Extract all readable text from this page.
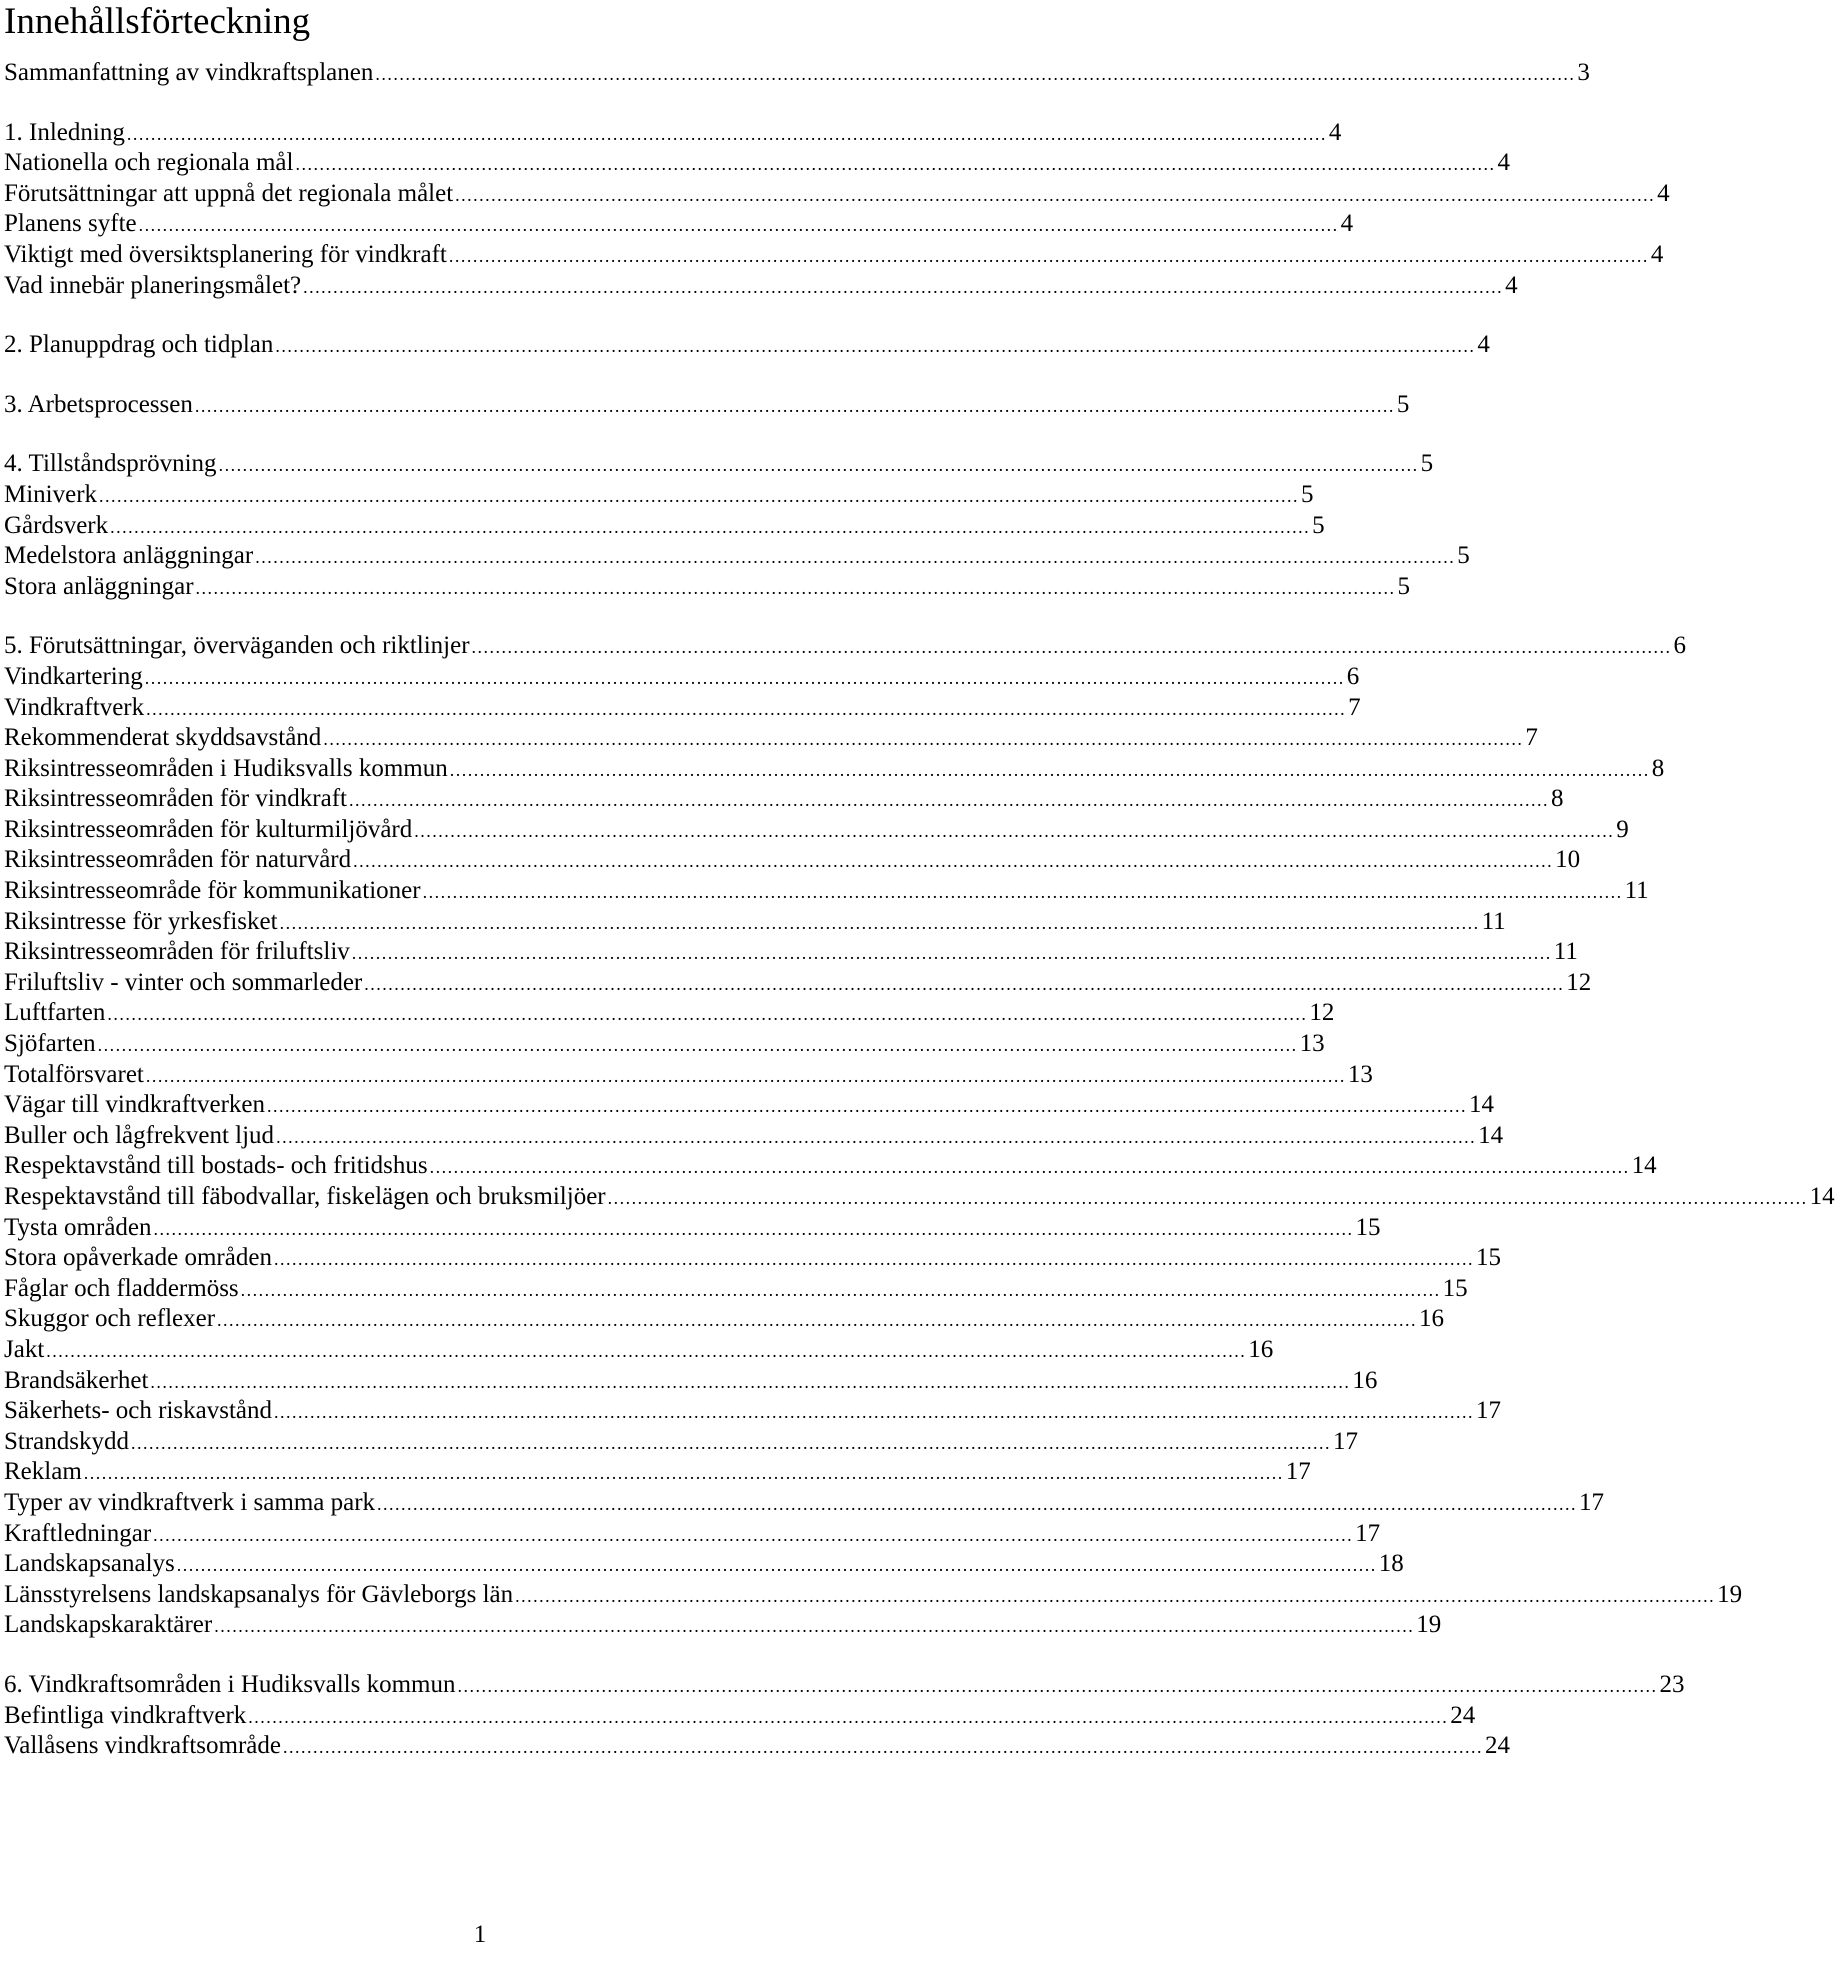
Innehållsförteckning
Sammanfattning av vindkraftsplanen ........................................................................................................................................................................................................ 3
1. Inledning ........................................................................................................................................................................................................ 4
Nationella och regionala mål ........................................................................................................................................................................................................ 4
Förutsättningar att uppnå det regionala målet ........................................................................................................................................................................................................ 4
Planens syfte ........................................................................................................................................................................................................ 4
Viktigt med översiktsplanering för vindkraft ........................................................................................................................................................................................................ 4
Vad innebär planeringsmålet? ........................................................................................................................................................................................................ 4
2. Planuppdrag och tidplan ........................................................................................................................................................................................................ 4
3. Arbetsprocessen ........................................................................................................................................................................................................ 5
4. Tillståndsprövning ........................................................................................................................................................................................................ 5
Miniverk ........................................................................................................................................................................................................ 5
Gårdsverk ........................................................................................................................................................................................................ 5
Medelstora anläggningar ........................................................................................................................................................................................................ 5
Stora anläggningar ........................................................................................................................................................................................................ 5
5. Förutsättningar, överväganden och riktlinjer ........................................................................................................................................................................................................ 6
Vindkartering ........................................................................................................................................................................................................ 6
Vindkraftverk ........................................................................................................................................................................................................ 7
Rekommenderat skyddsavstånd ........................................................................................................................................................................................................ 7
Riksintresseområden i Hudiksvalls kommun ........................................................................................................................................................................................................ 8
Riksintresseområden för vindkraft ........................................................................................................................................................................................................ 8
Riksintresseområden för kulturmiljövård ........................................................................................................................................................................................................ 9
Riksintresseområden för naturvård ........................................................................................................................................................................................................ 10
Riksintresseområde för kommunikationer ........................................................................................................................................................................................................ 11
Riksintresse för yrkesfisket ........................................................................................................................................................................................................ 11
Riksintresseområden för friluftsliv ........................................................................................................................................................................................................ 11
Friluftsliv - vinter och sommarleder ........................................................................................................................................................................................................ 12
Luftfarten ........................................................................................................................................................................................................ 12
Sjöfarten ........................................................................................................................................................................................................ 13
Totalförsvaret ........................................................................................................................................................................................................ 13
Vägar till vindkraftverken ........................................................................................................................................................................................................ 14
Buller och lågfrekvent ljud ........................................................................................................................................................................................................ 14
Respektavstånd till bostads- och fritidshus ........................................................................................................................................................................................................ 14
Respektavstånd till fäbodvallar, fiskelägen och bruksmiljöer ........................................................................................................................................................................................................ 14
Tysta områden ........................................................................................................................................................................................................ 15
Stora opåverkade områden ........................................................................................................................................................................................................ 15
Fåglar och fladdermöss ........................................................................................................................................................................................................ 15
Skuggor och reflexer ........................................................................................................................................................................................................ 16
Jakt ........................................................................................................................................................................................................ 16
Brandsäkerhet ........................................................................................................................................................................................................ 16
Säkerhets- och riskavstånd ........................................................................................................................................................................................................ 17
Strandskydd ........................................................................................................................................................................................................ 17
Reklam ........................................................................................................................................................................................................ 17
Typer av vindkraftverk i samma park ........................................................................................................................................................................................................ 17
Kraftledningar ........................................................................................................................................................................................................ 17
Landskapsanalys ........................................................................................................................................................................................................ 18
Länsstyrelsens landskapsanalys för Gävleborgs län ........................................................................................................................................................................................................ 19
Landskapskaraktärer ........................................................................................................................................................................................................ 19
6. Vindkraftsområden i Hudiksvalls kommun ........................................................................................................................................................................................................ 23
Befintliga vindkraftverk ........................................................................................................................................................................................................ 24
Vallåsens vindkraftsområde ........................................................................................................................................................................................................ 24
1
